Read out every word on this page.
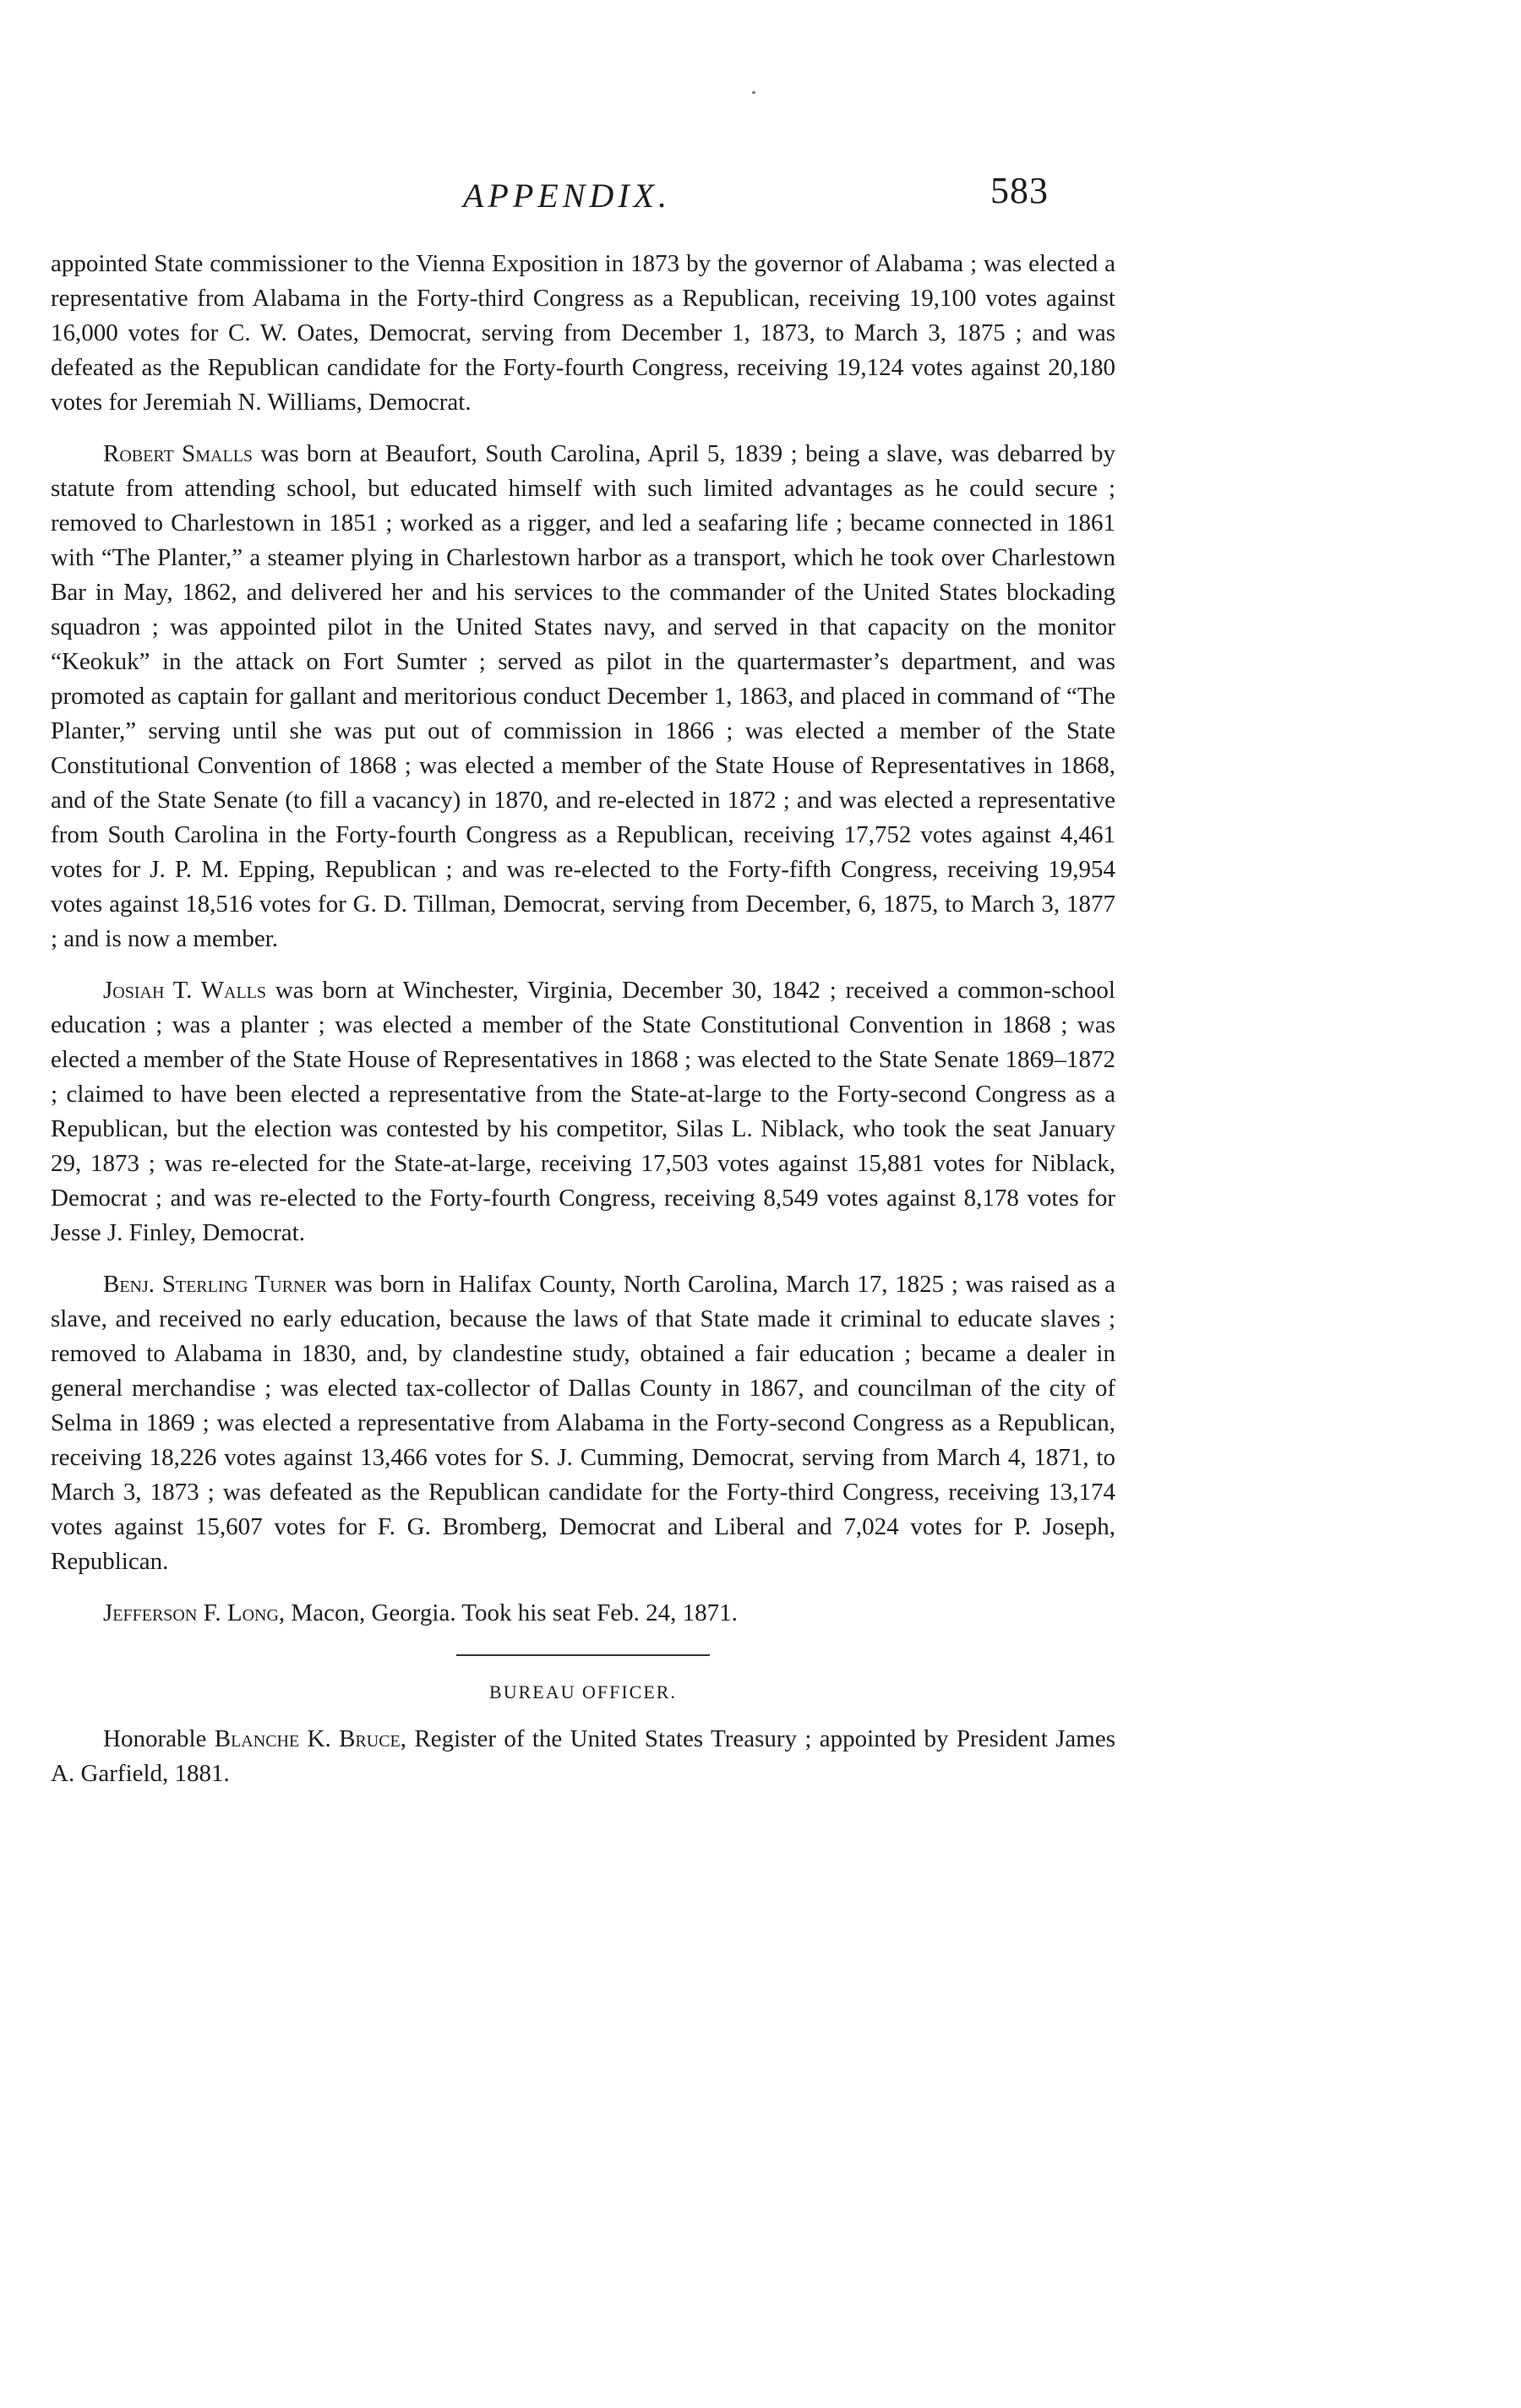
APPENDIX.	583

appointed State commissioner to the Vienna Exposition in 1873 by the governor of Alabama ; was elected a representative from Alabama in the Forty-third Congress as a Republican, receiving 19,100 votes against 16,000 votes for C. W. Oates, Democrat, serving from December 1, 1873, to March 3, 1875 ; and was defeated as the Republican candidate for the Forty-fourth Congress, receiving 19,124 votes against 20,180 votes for Jeremiah N. Williams, Democrat.

Robert Smalls was born at Beaufort, South Carolina, April 5, 1839 ; being a slave, was debarred by statute from attending school, but educated himself with such limited advantages as he could secure ; removed to Charlestown in 1851 ; worked as a rigger, and led a seafaring life ; became connected in 1861 with “The Planter,” a steamer plying in Charlestown harbor as a transport, which he took over Charlestown Bar in May, 1862, and delivered her and his services to the commander of the United States blockading squadron ; was appointed pilot in the United States navy, and served in that capacity on the monitor “Keokuk” in the attack on Fort Sumter ; served as pilot in the quartermaster’s department, and was promoted as captain for gallant and meritorious conduct December 1, 1863, and placed in command of “The Planter,” serving until she was put out of commission in 1866 ; was elected a member of the State Constitutional Convention of 1868 ; was elected a member of the State House of Representatives in 1868, and of the State Senate (to fill a vacancy) in 1870, and re-elected in 1872 ; and was elected a representative from South Carolina in the Forty-fourth Congress as a Republican, receiving 17,752 votes against 4,461 votes for J. P. M. Epping, Republican ; and was re-elected to the Forty-fifth Congress, receiving 19,954 votes against 18,516 votes for G. D. Tillman, Democrat, serving from December, 6, 1875, to March 3, 1877 ; and is now a member.

Josiah T. Walls was born at Winchester, Virginia, December 30, 1842 ; received a common-school education ; was a planter ; was elected a member of the State Constitutional Convention in 1868 ; was elected a member of the State House of Representatives in 1868 ; was elected to the State Senate 1869–1872 ; claimed to have been elected a representative from the State-at-large to the Forty-second Congress as a Republican, but the election was contested by his competitor, Silas L. Niblack, who took the seat January 29, 1873 ; was re-elected for the State-at-large, receiving 17,503 votes against 15,881 votes for Niblack, Democrat ; and was re-elected to the Forty-fourth Congress, receiving 8,549 votes against 8,178 votes for Jesse J. Finley, Democrat.

Benj. Sterling Turner was born in Halifax County, North Carolina, March 17, 1825 ; was raised as a slave, and received no early education, because the laws of that State made it criminal to educate slaves ; removed to Alabama in 1830, and, by clandestine study, obtained a fair education ; became a dealer in general merchandise ; was elected tax-collector of Dallas County in 1867, and councilman of the city of Selma in 1869 ; was elected a representative from Alabama in the Forty-second Congress as a Republican, receiving 18,226 votes against 13,466 votes for S. J. Cumming, Democrat, serving from March 4, 1871, to March 3, 1873 ; was defeated as the Republican candidate for the Forty-third Congress, receiving 13,174 votes against 15,607 votes for F. G. Bromberg, Democrat and Liberal and 7,024 votes for P. Joseph, Republican.

Jefferson F. Long, Macon, Georgia. Took his seat Feb. 24, 1871.

BUREAU OFFICER.

Honorable Blanche K. Bruce, Register of the United States Treasury ; appointed by President James A. Garfield, 1881.
